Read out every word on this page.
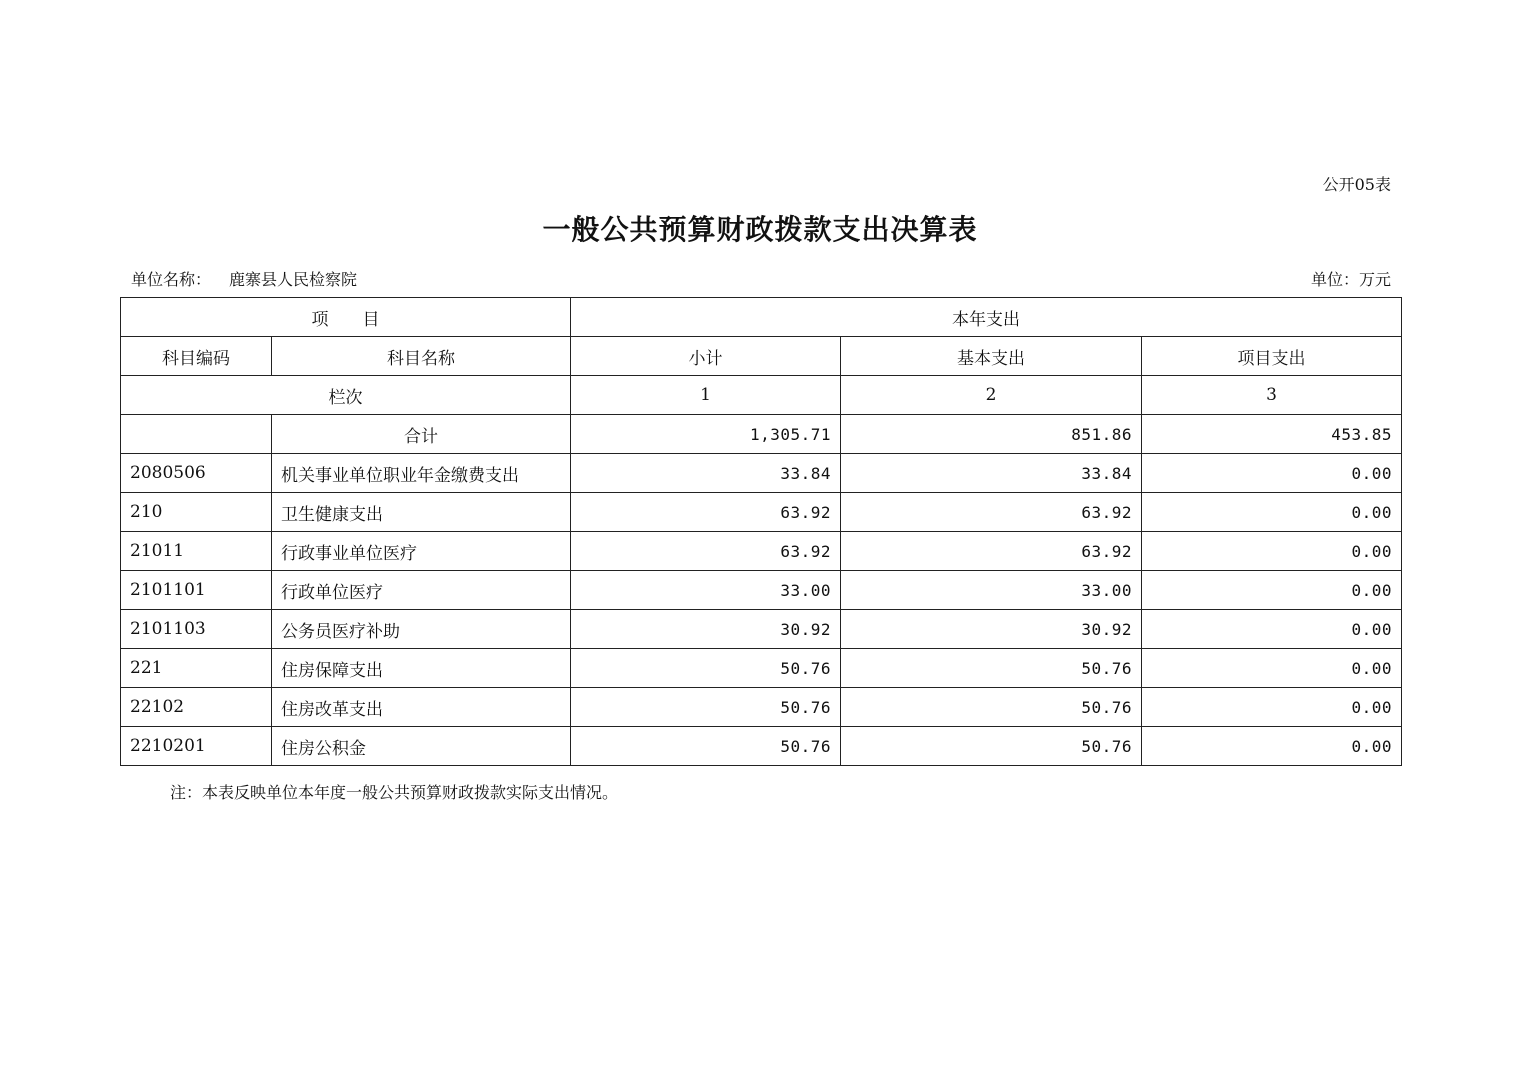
公开05表
一般公共预算财政拨款支出决算表
单位名称： 鹿寨县人民检察院	单位：万元
项　　目		本年支出		
科目编码	科目名称	小计	基本支出	项目支出
栏次		1	2	3
	合计	1,305.71	851.86	453.85
2080506	机关事业单位职业年金缴费支出	33.84	33.84	0.00
210	卫生健康支出	63.92	63.92	0.00
21011	行政事业单位医疗	63.92	63.92	0.00
2101101	行政单位医疗	33.00	33.00	0.00
2101103	公务员医疗补助	30.92	30.92	0.00
221	住房保障支出	50.76	50.76	0.00
22102	住房改革支出	50.76	50.76	0.00
2210201	住房公积金	50.76	50.76	0.00
注：本表反映单位本年度一般公共预算财政拨款实际支出情况。
